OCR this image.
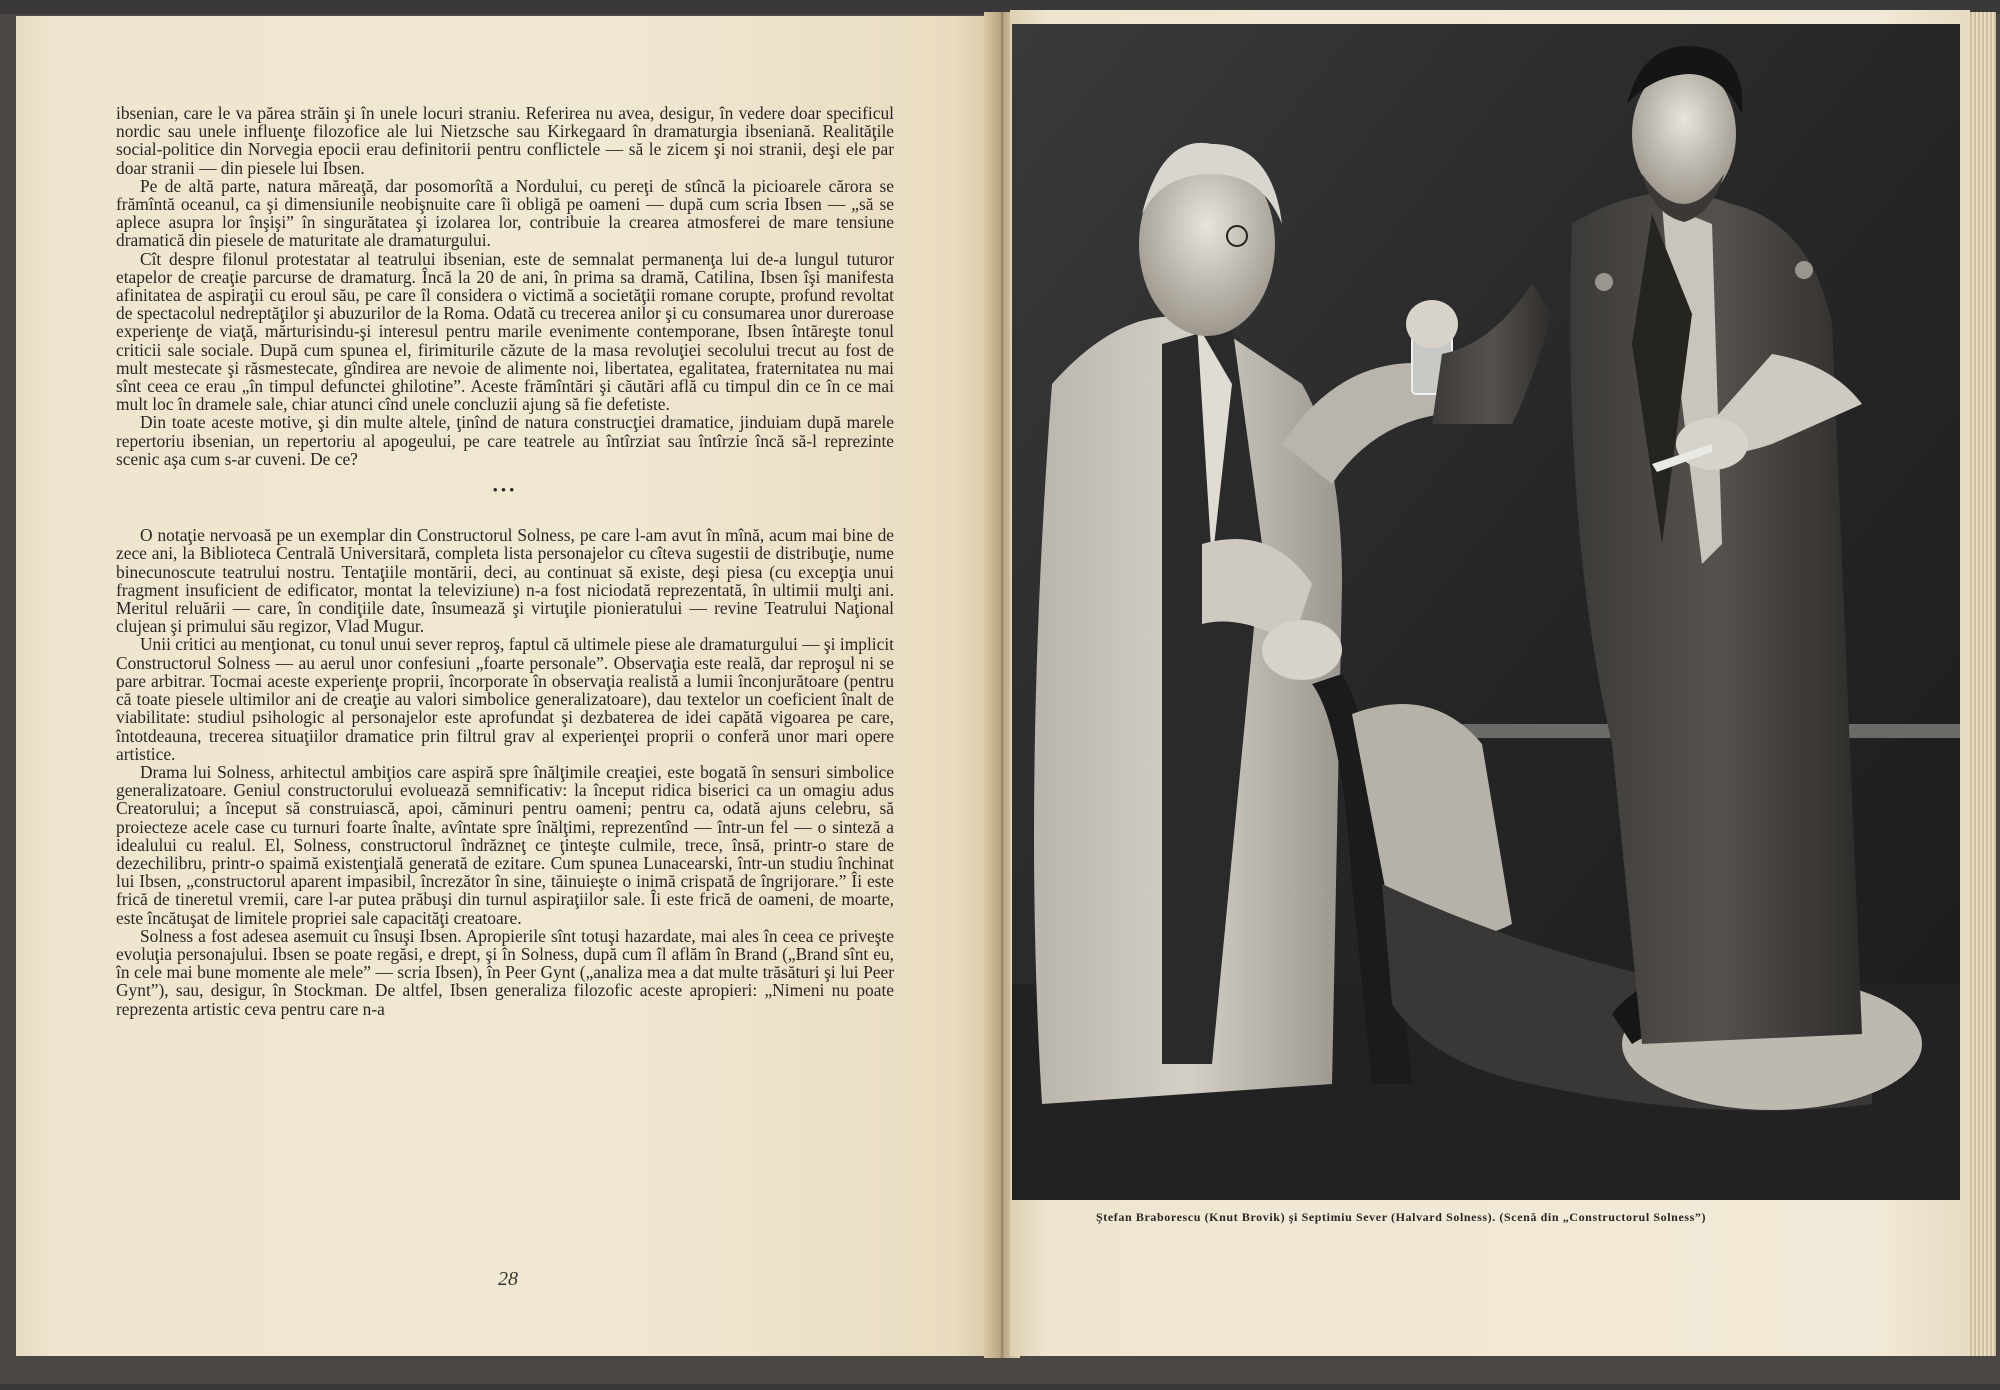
ibsenian, care le va părea străin şi în unele locuri straniu. Referirea nu avea, desigur, în vedere doar specificul nordic sau unele influenţe filozofice ale lui Nietzsche sau Kirkegaard în dramaturgia ibseniană. Realităţile social-politice din Norvegia epocii erau definitorii pentru conflictele — să le zicem şi noi stranii, deşi ele par doar stranii — din piesele lui Ibsen.

Pe de altă parte, natura măreaţă, dar posomorîtă a Nordului, cu pereţi de stîncă la picioarele cărora se frămîntă oceanul, ca şi dimensiunile neobişnuite care îi obligă pe oameni — după cum scria Ibsen — „să se aplece asupra lor înşişi” în singurătatea şi izolarea lor, contribuie la crearea atmosferei de mare tensiune dramatică din piesele de maturitate ale dramaturgului.

Cît despre filonul protestatar al teatrului ibsenian, este de semnalat permanenţa lui de-a lungul tuturor etapelor de creaţie parcurse de dramaturg. Încă la 20 de ani, în prima sa dramă, Catilina, Ibsen îşi manifesta afinitatea de aspiraţii cu eroul său, pe care îl considera o victimă a societăţii romane corupte, profund revoltat de spectacolul nedreptăţilor şi abuzurilor de la Roma. Odată cu trecerea anilor şi cu consumarea unor dureroase experienţe de viaţă, mărturisindu-şi interesul pentru marile evenimente contemporane, Ibsen întăreşte tonul criticii sale sociale. După cum spunea el, firimiturile căzute de la masa revoluţiei secolului trecut au fost de mult mestecate şi răsmestecate, gîndirea are nevoie de alimente noi, libertatea, egalitatea, fraternitatea nu mai sînt ceea ce erau „în timpul defunctei ghilotine”. Aceste frămîntări şi căutări află cu timpul din ce în ce mai mult loc în dramele sale, chiar atunci cînd unele concluzii ajung să fie defetiste.

Din toate aceste motive, şi din multe altele, ţinînd de natura construcţiei dramatice, jinduiam după marele repertoriu ibsenian, un repertoriu al apogeului, pe care teatrele au întîrziat sau întîrzie încă să-l reprezinte scenic aşa cum s-ar cuveni. De ce?

•••

O notaţie nervoasă pe un exemplar din Constructorul Solness, pe care l-am avut în mînă, acum mai bine de zece ani, la Biblioteca Centrală Universitară, completa lista personajelor cu cîteva sugestii de distribuţie, nume binecunoscute teatrului nostru. Tentaţiile montării, deci, au continuat să existe, deşi piesa (cu excepţia unui fragment insuficient de edificator, montat la televiziune) n-a fost niciodată reprezentată, în ultimii mulţi ani. Meritul reluării — care, în condiţiile date, însumează şi virtuţile pionieratului — revine Teatrului Naţional clujean şi primului său regizor, Vlad Mugur.

Unii critici au menţionat, cu tonul unui sever reproş, faptul că ultimele piese ale dramaturgului — şi implicit Constructorul Solness — au aerul unor confesiuni „foarte personale”. Observaţia este reală, dar reproşul ni se pare arbitrar. Tocmai aceste experienţe proprii, încorporate în observaţia realistă a lumii înconjurătoare (pentru că toate piesele ultimilor ani de creaţie au valori simbolice generalizatoare), dau textelor un coeficient înalt de viabilitate: studiul psihologic al personajelor este aprofundat şi dezbaterea de idei capătă vigoarea pe care, întotdeauna, trecerea situaţiilor dramatice prin filtrul grav al experienţei proprii o conferă unor mari opere artistice.

Drama lui Solness, arhitectul ambiţios care aspiră spre înălţimile creaţiei, este bogată în sensuri simbolice generalizatoare. Geniul constructorului evoluează semnificativ: la început ridica biserici ca un omagiu adus Creatorului; a început să construiască, apoi, căminuri pentru oameni; pentru ca, odată ajuns celebru, să proiecteze acele case cu turnuri foarte înalte, avîntate spre înălţimi, reprezentînd — într-un fel — o sinteză a idealului cu realul. El, Solness, constructorul îndrăzneţ ce ţinteşte culmile, trece, însă, printr-o stare de dezechilibru, printr-o spaimă existenţială generată de ezitare. Cum spunea Lunacearski, într-un studiu închinat lui Ibsen, „constructorul aparent impasibil, încrezător în sine, tăinuieşte o inimă crispată de îngrijorare.” Îi este frică de tineretul vremii, care l-ar putea prăbuşi din turnul aspiraţiilor sale. Îi este frică de oameni, de moarte, este încătuşat de limitele propriei sale capacităţi creatoare.

Solness a fost adesea asemuit cu însuşi Ibsen. Apropierile sînt totuşi hazardate, mai ales în ceea ce priveşte evoluţia personajului. Ibsen se poate regăsi, e drept, şi în Solness, după cum îl aflăm în Brand („Brand sînt eu, în cele mai bune momente ale mele” — scria Ibsen), în Peer Gynt („analiza mea a dat multe trăsături şi lui Peer Gynt”), sau, desigur, în Stockman. De altfel, Ibsen generaliza filozofic aceste apropieri: „Nimeni nu poate reprezenta artistic ceva pentru care n-a

28
Ştefan Braborescu (Knut Brovik) şi Septimiu Sever (Halvard Solness). (Scenă din „Constructorul Solness”)
